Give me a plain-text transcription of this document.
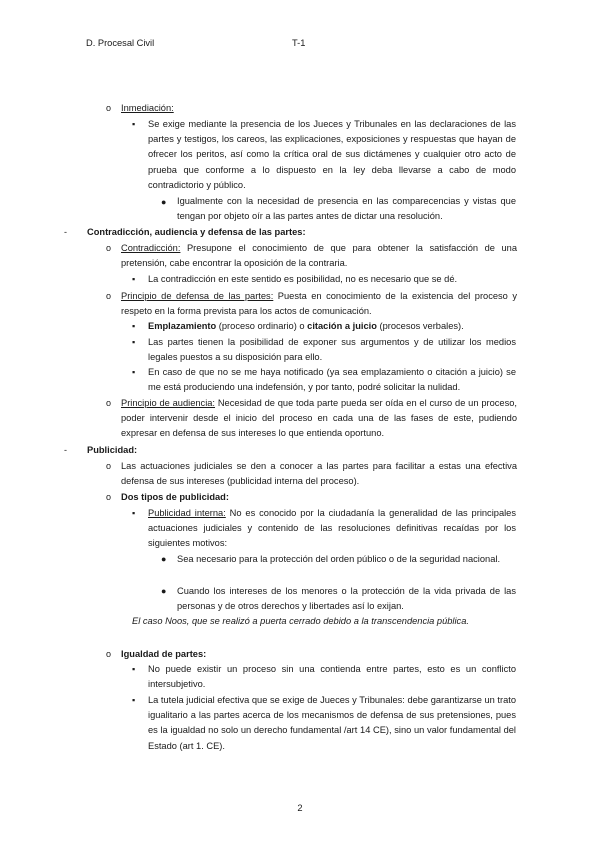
D. Procesal Civil	T-1
o Inmediación:
▪ Se exige mediante la presencia de los Jueces y Tribunales en las declaraciones de las partes y testigos, los careos, las explicaciones, exposiciones y respuestas que hayan de ofrecer los peritos, así como la crítica oral de sus dictámenes y cualquier otro acto de prueba que conforme a lo dispuesto en la ley deba llevarse a cabo de modo contradictorio y público.
● Igualmente con la necesidad de presencia en las comparecencias y vistas que tengan por objeto oír a las partes antes de dictar una resolución.
- Contradicción, audiencia y defensa de las partes:
o Contradicción: Presupone el conocimiento de que para obtener la satisfacción de una pretensión, cabe encontrar la oposición de la contraria.
▪ La contradicción en este sentido es posibilidad, no es necesario que se dé.
o Principio de defensa de las partes: Puesta en conocimiento de la existencia del proceso y respeto en la forma prevista para los actos de comunicación.
▪ Emplazamiento (proceso ordinario) o citación a juicio (procesos verbales).
▪ Las partes tienen la posibilidad de exponer sus argumentos y de utilizar los medios legales puestos a su disposición para ello.
▪ En caso de que no se me haya notificado (ya sea emplazamiento o citación a juicio) se me está produciendo una indefensión, y por tanto, podré solicitar la nulidad.
o Principio de audiencia: Necesidad de que toda parte pueda ser oída en el curso de un proceso, poder intervenir desde el inicio del proceso en cada una de las fases de este, pudiendo expresar en defensa de sus intereses lo que entienda oportuno.
- Publicidad:
o Las actuaciones judiciales se den a conocer a las partes para facilitar a estas una efectiva defensa de sus intereses (publicidad interna del proceso).
o Dos tipos de publicidad:
▪ Publicidad interna: No es conocido por la ciudadanía la generalidad de las principales actuaciones judiciales y contenido de las resoluciones definitivas recaídas por los siguientes motivos:
● Sea necesario para la protección del orden público o de la seguridad nacional.
● Cuando los intereses de los menores o la protección de la vida privada de las personas y de otros derechos y libertades así lo exijan.
El caso Noos, que se realizó a puerta cerrado debido a la transcendencia pública.
o Igualdad de partes:
▪ No puede existir un proceso sin una contienda entre partes, esto es un conflicto intersubjetivo.
▪ La tutela judicial efectiva que se exige de Jueces y Tribunales: debe garantizarse un trato igualitario a las partes acerca de los mecanismos de defensa de sus pretensiones, pues es la igualdad no solo un derecho fundamental /art 14 CE), sino un valor fundamental del Estado (art 1. CE).
2
